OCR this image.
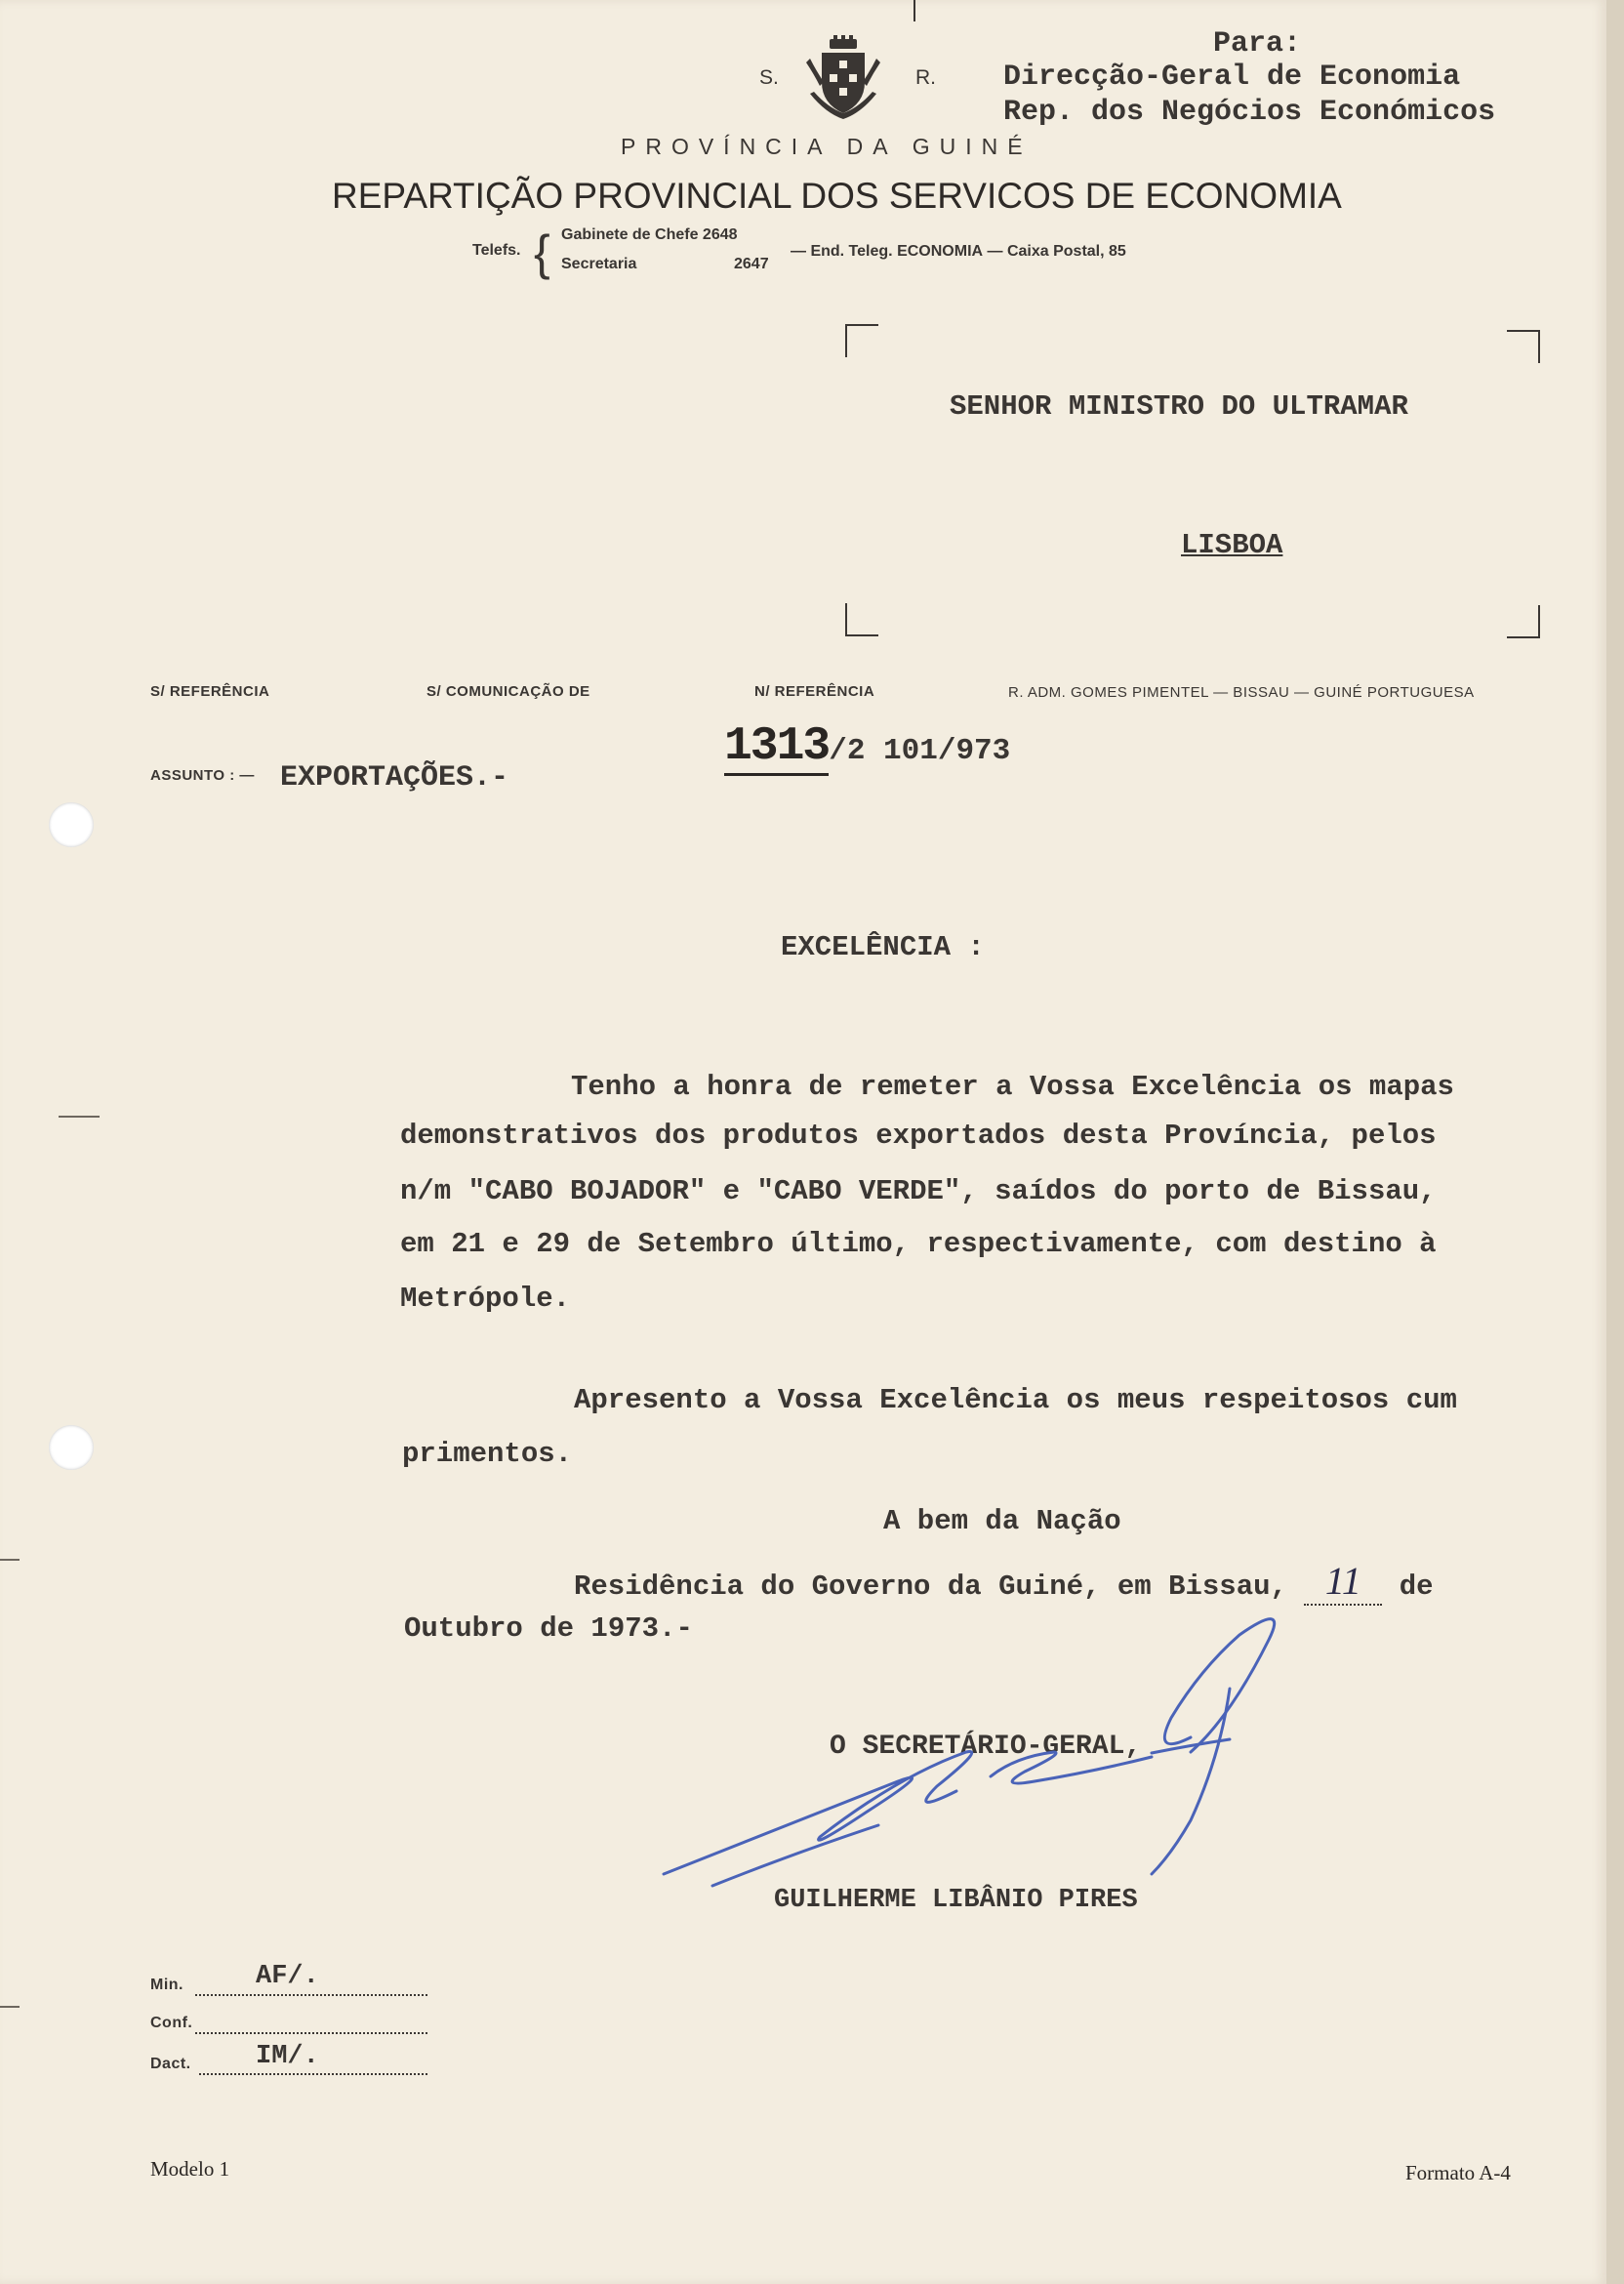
Para:
Direcção-Geral de Economia
Rep. dos Negócios Económicos
S.	R.
PROVÍNCIA DA GUINÉ
REPARTIÇÃO PROVINCIAL DOS SERVICOS DE ECONOMIA
Telefs. { Gabinete de Chefe 2648
Secretaria	2647
— End. Teleg. ECONOMIA — Caixa Postal, 85
SENHOR MINISTRO DO ULTRAMAR
LISBOA
S/ REFERÊNCIA	S/ COMUNICAÇÃO DE	N/ REFERÊNCIA	R. ADM. GOMES PIMENTEL — BISSAU — GUINÉ PORTUGUESA
ASSUNTO : — EXPORTAÇÕES.-
1313/2 101/973
EXCELÊNCIA :
Tenho a honra de remeter a Vossa Excelência os mapas
demonstrativos dos produtos exportados desta Província, pelos
n/m "CABO BOJADOR" e "CABO VERDE", saídos do porto de Bissau,
em 21 e 29 de Setembro último, respectivamente, com destino à
Metrópole.
Apresento a Vossa Excelência os meus respeitosos cum
primentos.
A bem da Nação
Residência do Governo da Guiné, em Bissau, 11 de
Outubro de 1973.-
O SECRETÁRIO-GERAL,
GUILHERME LIBÂNIO PIRES
Min.	AF/.
Conf.
Dact. IM/.
Modelo 1	Formato A-4
